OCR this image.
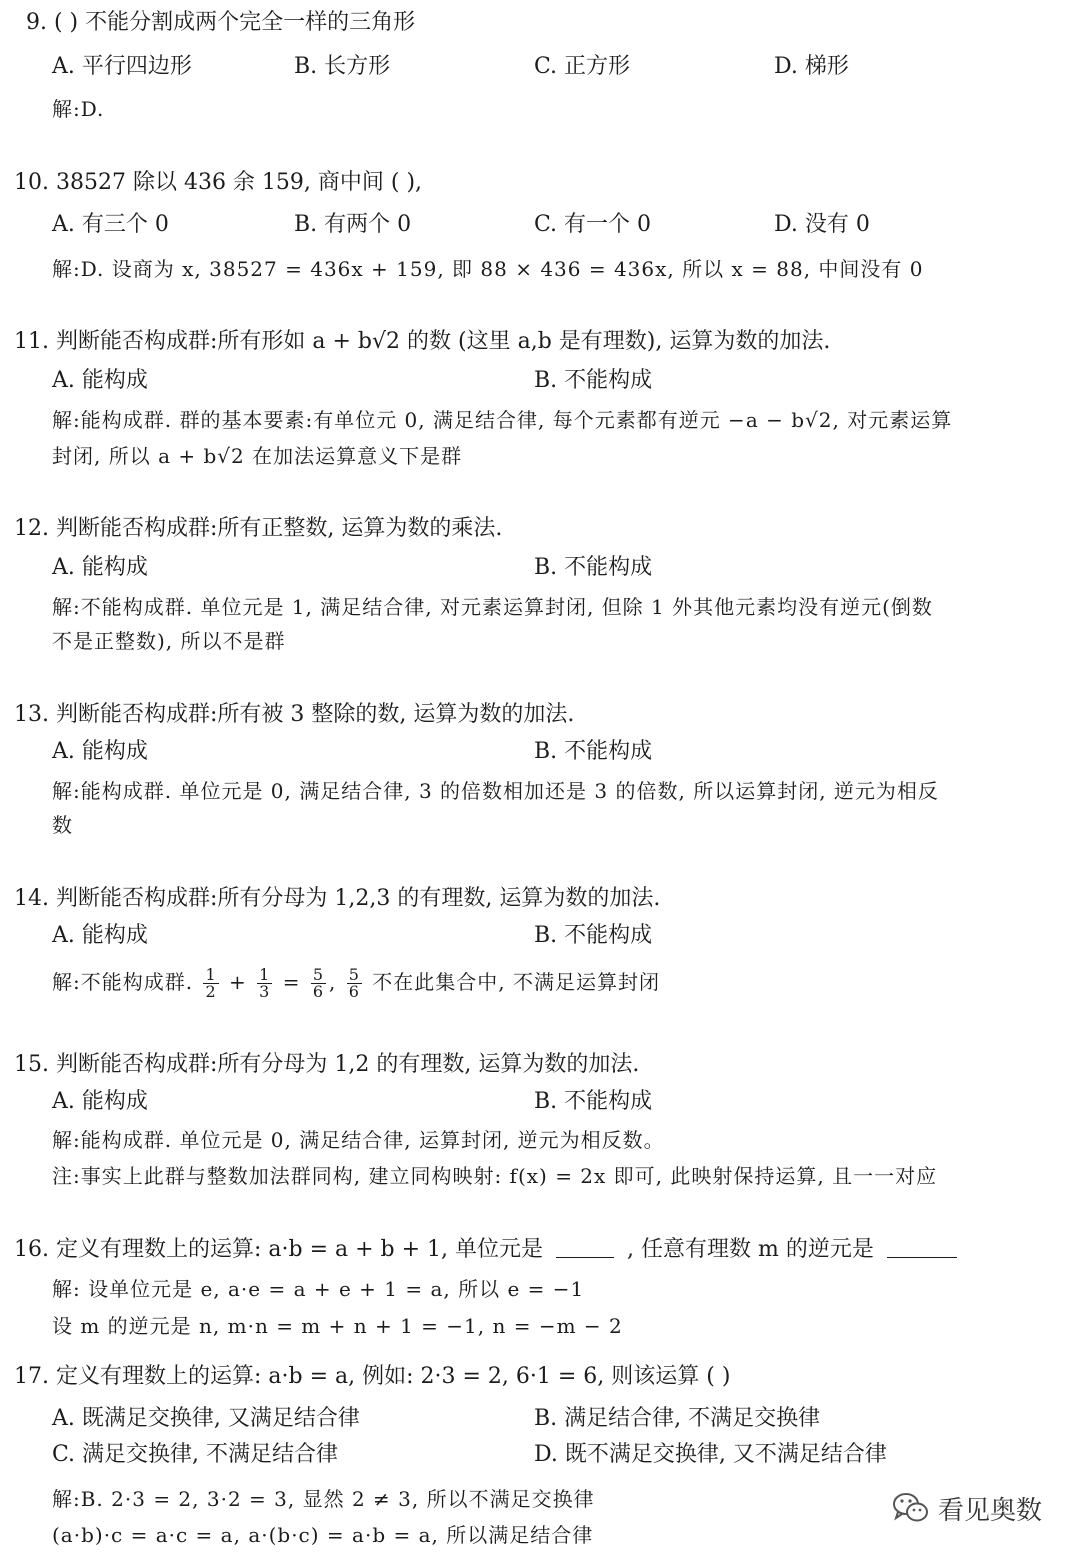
9. ( ) 不能分割成两个完全一样的三角形
A. 平行四边形	B. 长方形	C. 正方形	D. 梯形
解:D.
10. 38527 除以 436 余 159, 商中间 ( ),
A. 有三个 0	B. 有两个 0	C. 有一个 0	D. 没有 0
解:D. 设商为 x, 38527 = 436x + 159, 即 88 × 436 = 436x, 所以 x = 88, 中间没有 0
11. 判断能否构成群:所有形如 a + b√2 的数 (这里 a,b 是有理数), 运算为数的加法.
A. 能构成	B. 不能构成
解:能构成群. 群的基本要素:有单位元 0, 满足结合律, 每个元素都有逆元 −a − b√2, 对元素运算
封闭, 所以 a + b√2 在加法运算意义下是群
12. 判断能否构成群:所有正整数, 运算为数的乘法.
A. 能构成	B. 不能构成
解:不能构成群. 单位元是 1, 满足结合律, 对元素运算封闭, 但除 1 外其他元素均没有逆元(倒数
不是正整数), 所以不是群
13. 判断能否构成群:所有被 3 整除的数, 运算为数的加法.
A. 能构成	B. 不能构成
解:能构成群. 单位元是 0, 满足结合律, 3 的倍数相加还是 3 的倍数, 所以运算封闭, 逆元为相反
数
14. 判断能否构成群:所有分母为 1,2,3 的有理数, 运算为数的加法.
A. 能构成	B. 不能构成
解:不能构成群. $\frac{1}{2} + \frac{1}{3} = \frac{5}{6}$ , $\frac{5}{6}$ 不在此集合中, 不满足运算封闭
15. 判断能否构成群:所有分母为 1,2 的有理数, 运算为数的加法.
A. 能构成	B. 不能构成
解:能构成群. 单位元是 0, 满足结合律, 运算封闭, 逆元为相反数。
注:事实上此群与整数加法群同构, 建立同构映射: f(x) = 2x 即可, 此映射保持运算, 且一一对应
16. 定义有理数上的运算: a·b = a + b + 1, 单位元是	, 任意有理数 m 的逆元是
解: 设单位元是 e, a·e = a + e + 1 = a, 所以 e = −1
设 m 的逆元是 n, m·n = m + n + 1 = −1, n = −m − 2
17. 定义有理数上的运算: a·b = a, 例如: 2·3 = 2, 6·1 = 6, 则该运算 ( )
A. 既满足交换律, 又满足结合律	B. 满足结合律, 不满足交换律
C. 满足交换律, 不满足结合律	D. 既不满足交换律, 又不满足结合律
解:B. 2·3 = 2, 3·2 = 3, 显然 2 ≠ 3, 所以不满足交换律
(a·b)·c = a·c = a, a·(b·c) = a·b = a, 所以满足结合律
看见奥数
